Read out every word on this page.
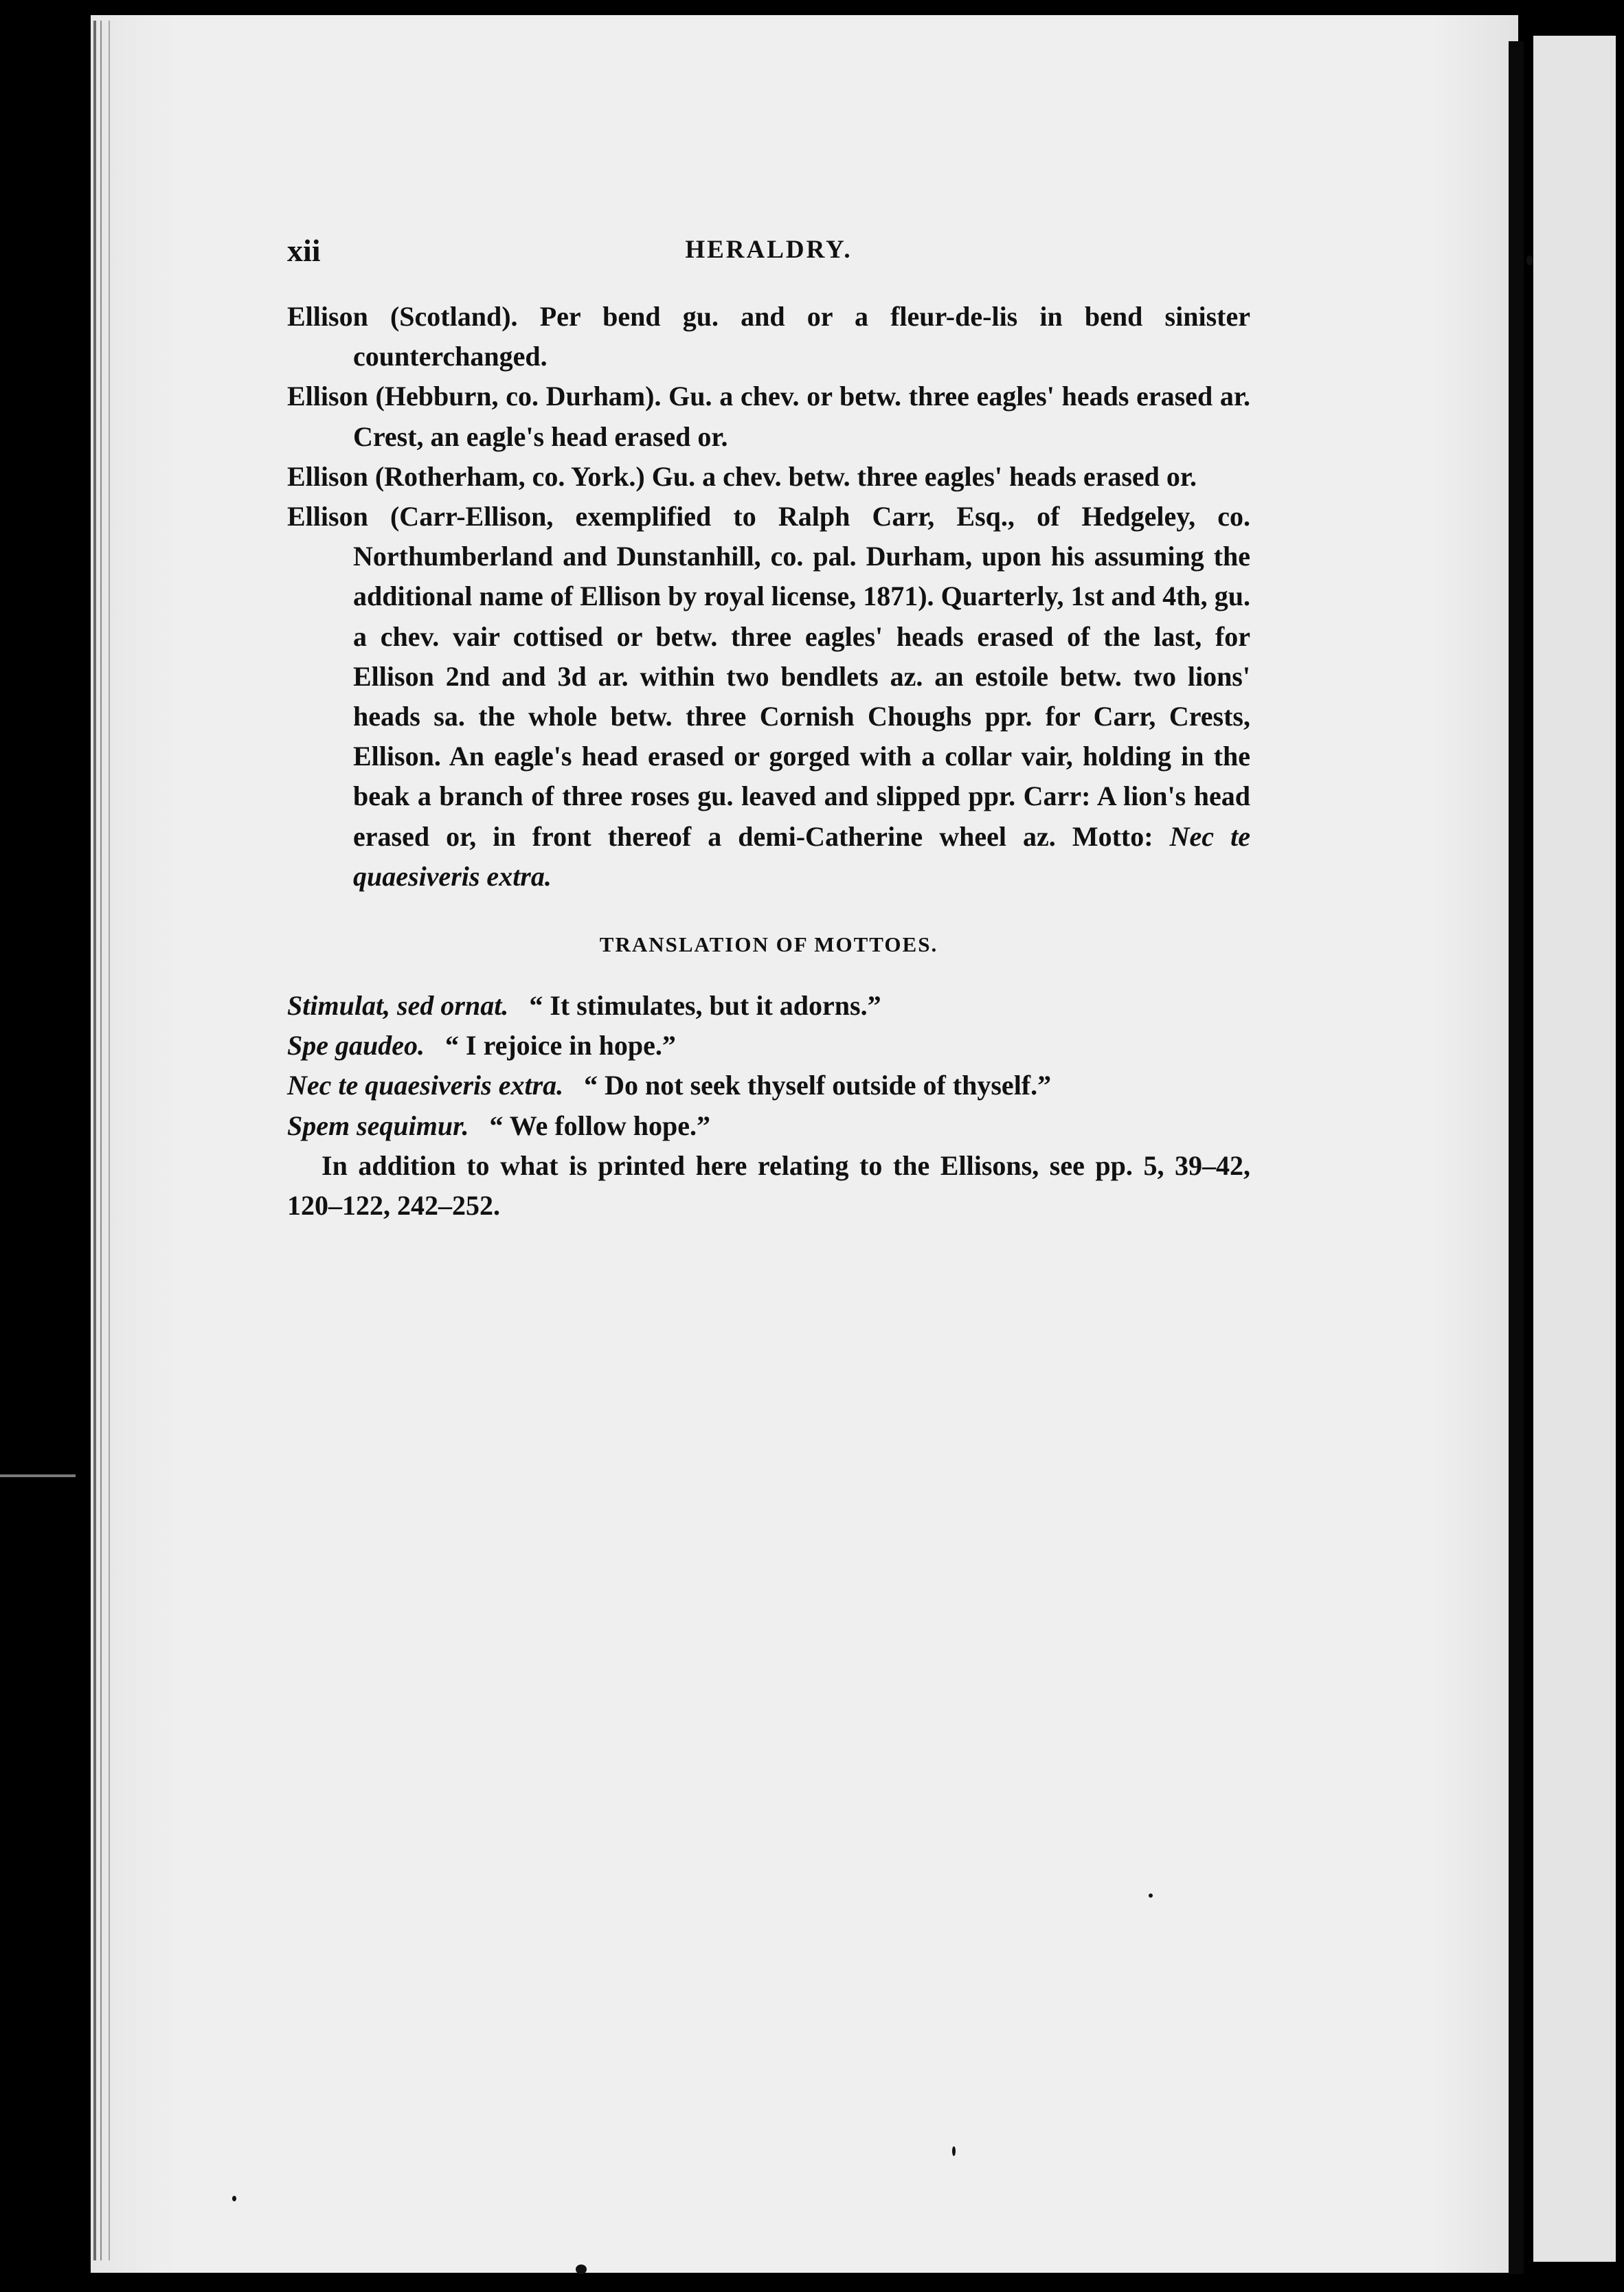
xii	HERALDRY.

Ellison (Scotland). Per bend gu. and or a fleur-de-lis in bend sinister counterchanged.

Ellison (Hebburn, co. Durham). Gu. a chev. or betw. three eagles' heads erased ar. Crest, an eagle's head erased or.

Ellison (Rotherham, co. York.) Gu. a chev. betw. three eagles' heads erased or.

Ellison (Carr-Ellison, exemplified to Ralph Carr, Esq., of Hedgeley, co. Northumberland and Dunstanhill, co. pal. Durham, upon his assuming the additional name of Ellison by royal license, 1871). Quarterly, 1st and 4th, gu. a chev. vair cottised or betw. three eagles' heads erased of the last, for Ellison 2nd and 3d ar. within two bendlets az. an estoile betw. two lions' heads sa. the whole betw. three Cornish Choughs ppr. for Carr, Crests, Ellison. An eagle's head erased or gorged with a collar vair, holding in the beak a branch of three roses gu. leaved and slipped ppr. Carr: A lion's head erased or, in front thereof a demi-Catherine wheel az. Motto: Nec te quaesiveris extra.

TRANSLATION OF MOTTOES.

Stimulat, sed ornat. “ It stimulates, but it adorns.”

Spe gaudeo. “ I rejoice in hope.”

Nec te quaesiveris extra. “ Do not seek thyself outside of thyself.”

Spem sequimur. “ We follow hope.”

In addition to what is printed here relating to the Ellisons, see pp. 5, 39–42, 120–122, 242–252.
